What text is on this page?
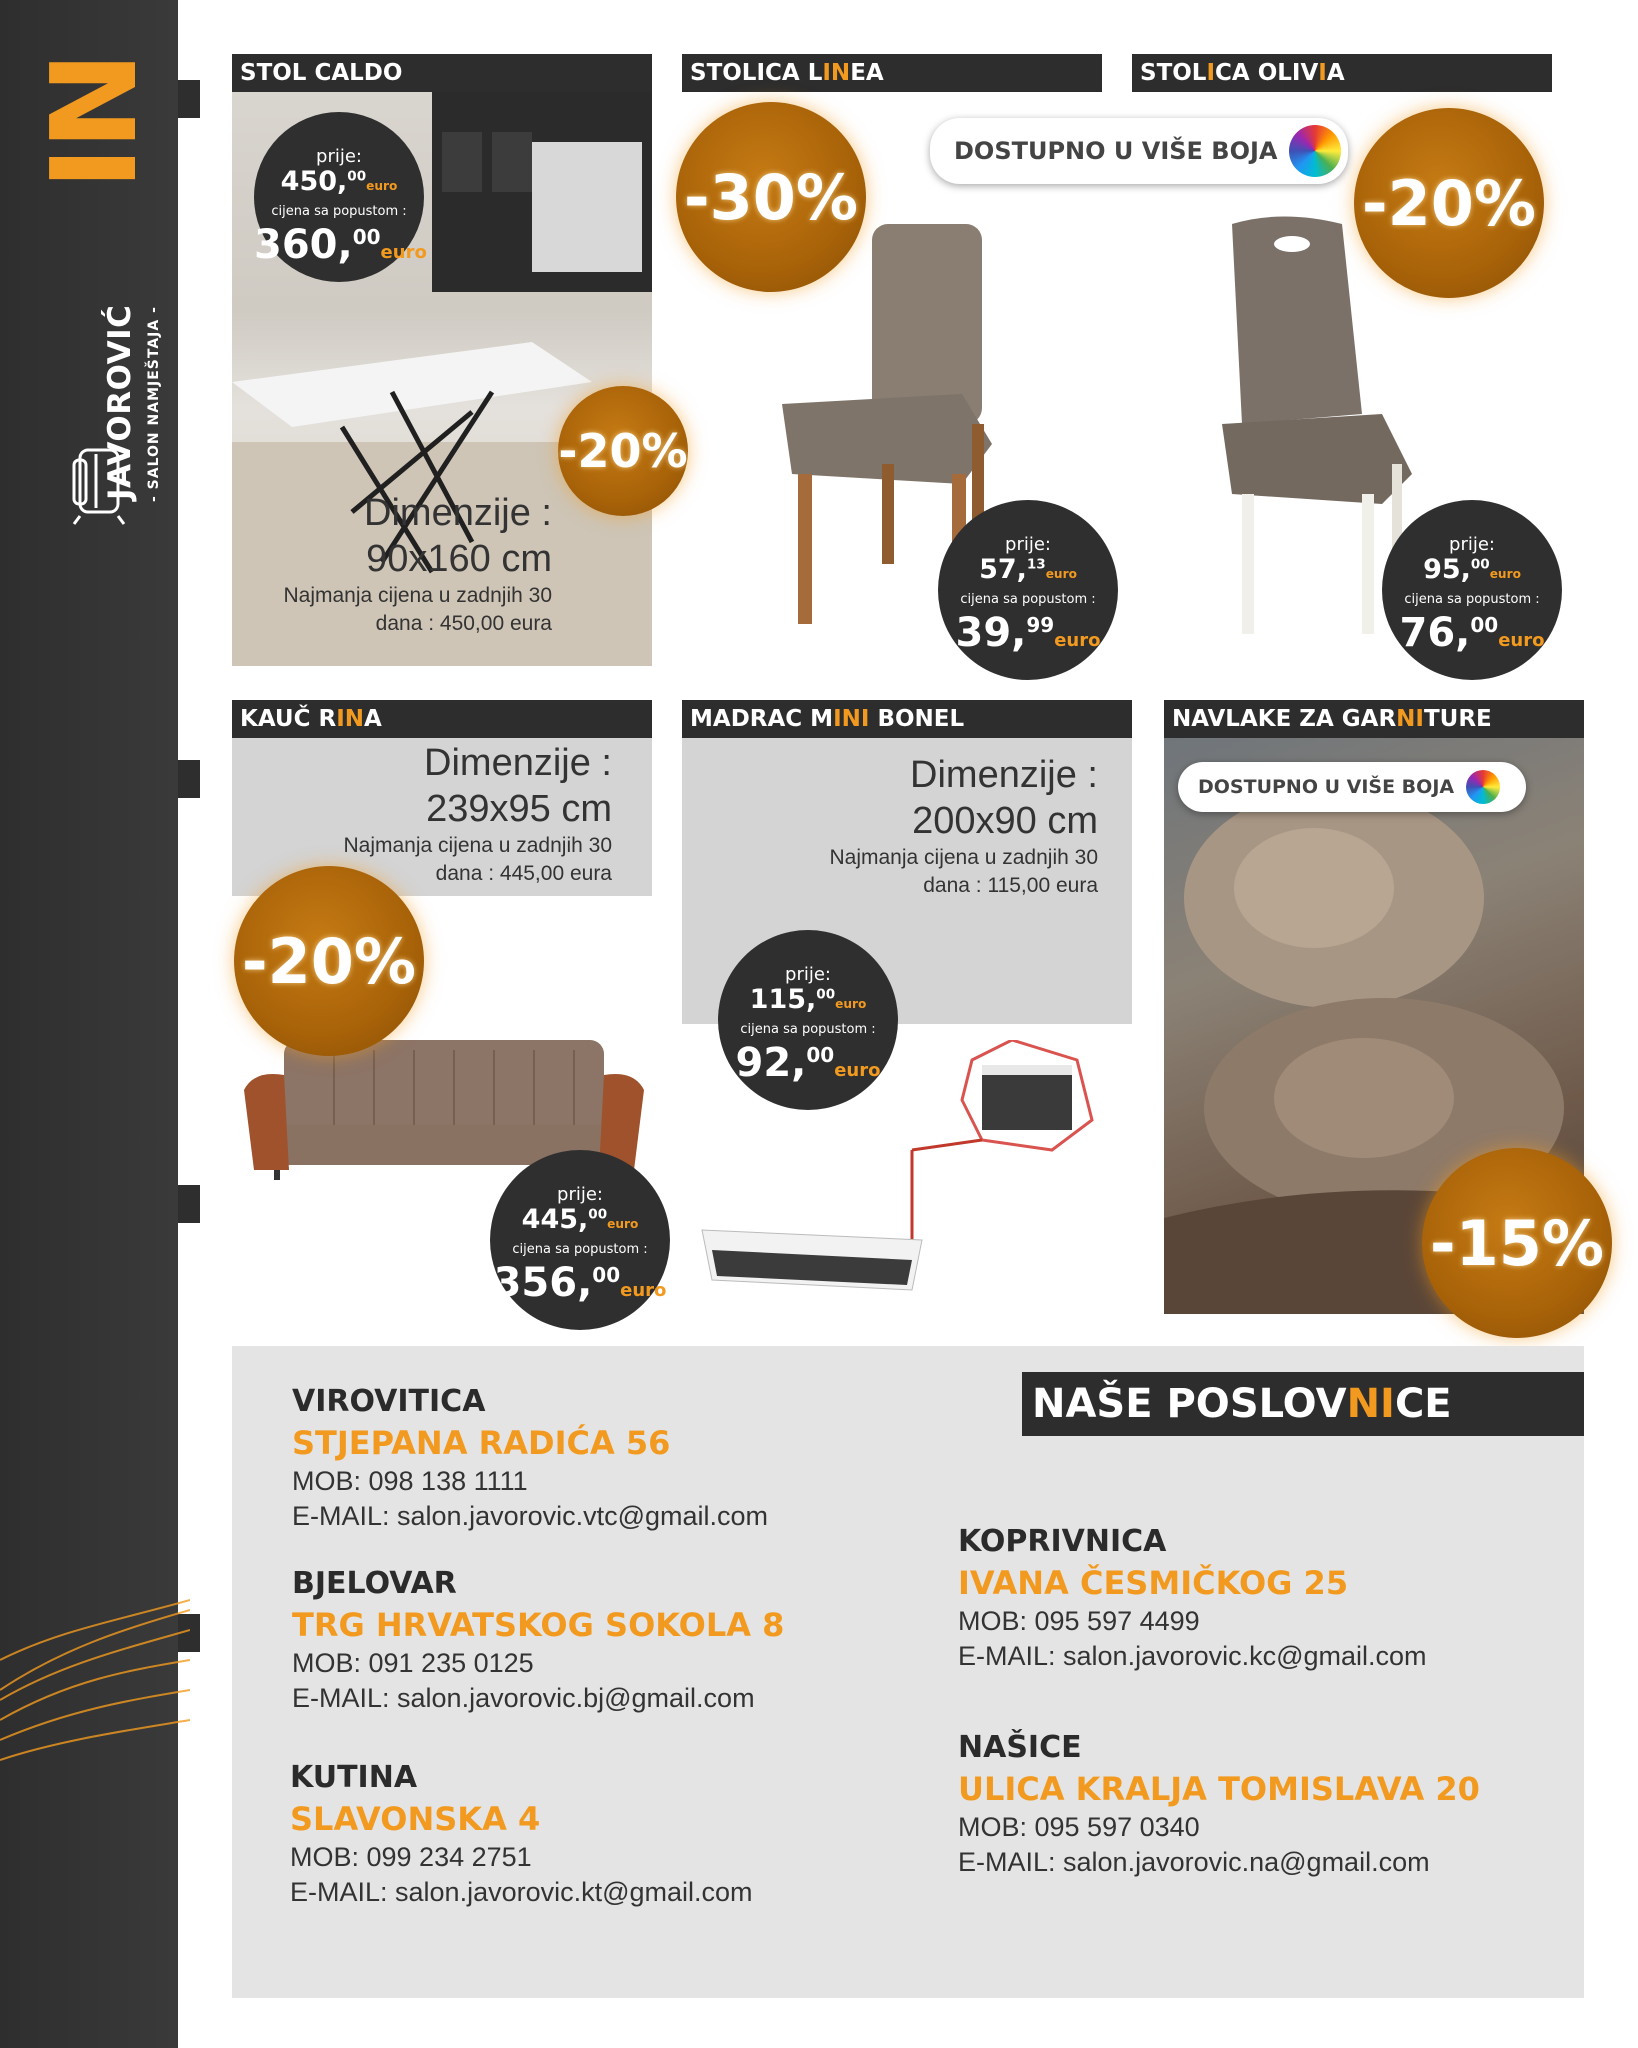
IN
JAVOROVIĆ - SALON NAMJEŠTAJA -
STOL CALDO
prije:
450,00euro
cijena sa popustom :
360,00euro
-20%
Dimenzije :
90x160 cm
Najmanja cijena u zadnjih 30
dana : 450,00 eura
STOLICA LINEA
-30%
prije:
57,13euro
cijena sa popustom :
39,99euro
STOLICA OLIVIA
-20%
prije:
95,00euro
cijena sa popustom :
76,00euro
DOSTUPNO U VIŠE BOJA
KAUČ RINA
Dimenzije :
239x95 cm
Najmanja cijena u zadnjih 30
dana : 445,00 eura
-20%
prije:
445,00euro
cijena sa popustom :
356,00euro
MADRAC MINI BONEL
Dimenzije :
200x90 cm
Najmanja cijena u zadnjih 30
dana : 115,00 eura
prije:
115,00euro
cijena sa popustom :
92,00euro
NAVLAKE ZA GARNITURE
DOSTUPNO U VIŠE BOJA
-15%
NAŠE POSLOVNICE
VIROVITICA
STJEPANA RADIĆA 56
MOB: 098 138 1111
E-MAIL: salon.javorovic.vtc@gmail.com
BJELOVAR
TRG HRVATSKOG SOKOLA 8
MOB: 091 235 0125
E-MAIL: salon.javorovic.bj@gmail.com
KUTINA
SLAVONSKA 4
MOB: 099 234 2751
E-MAIL: salon.javorovic.kt@gmail.com
KOPRIVNICA
IVANA ČESMIČKOG 25
MOB: 095 597 4499
E-MAIL: salon.javorovic.kc@gmail.com
NAŠICE
ULICA KRALJA TOMISLAVA 20
MOB: 095 597 0340
E-MAIL: salon.javorovic.na@gmail.com
